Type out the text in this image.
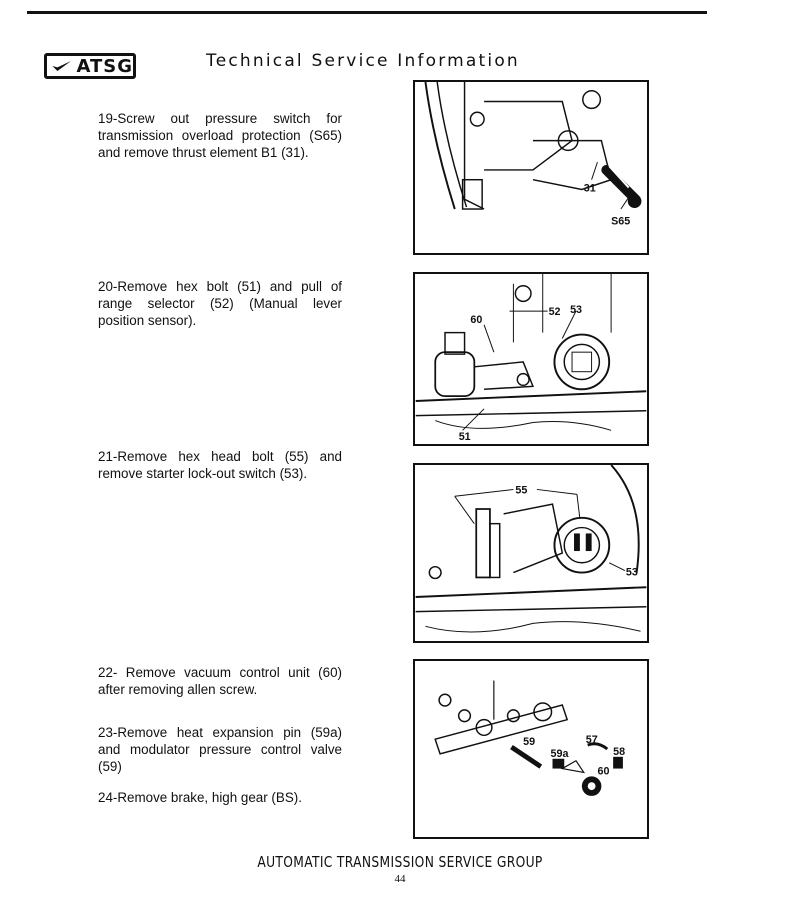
ATSG	Technical Service Information
19-Screw out pressure switch for transmission overload protection (S65) and remove thrust element B1 (31).
20-Remove hex bolt (51) and pull of range selector (52) (Manual lever position sensor).
21-Remove hex head bolt (55) and remove starter lock-out switch (53).
22- Remove vacuum control unit (60) after removing allen screw.
23-Remove heat expansion pin (59a) and modulator pressure control valve (59)
24-Remove brake, high gear (BS).
31
S65
60
52 53
51
55
53
59	57
59a	58
60
AUTOMATIC TRANSMISSION SERVICE GROUP
44
